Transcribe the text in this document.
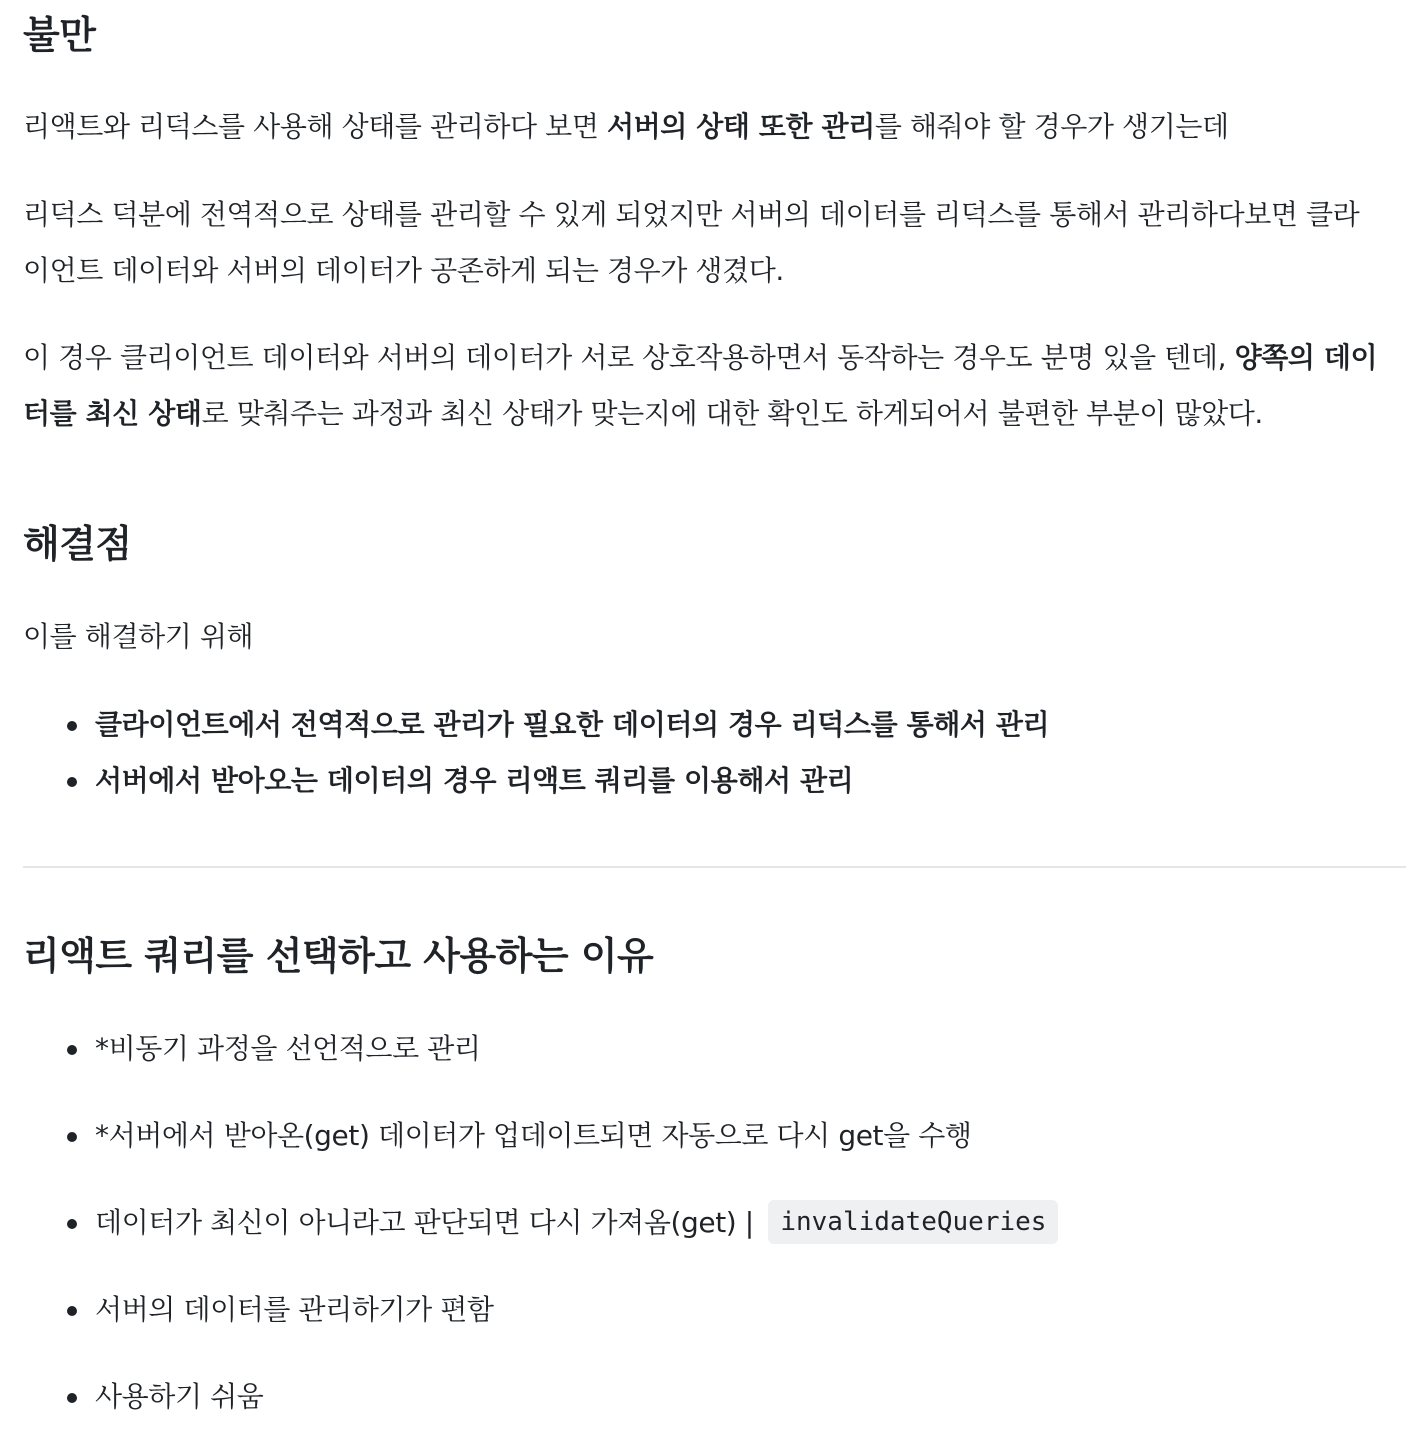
불만

리액트와 리덕스를 사용해 상태를 관리하다 보면 서버의 상태 또한 관리를 해줘야 할 경우가 생기는데

리덕스 덕분에 전역적으로 상태를 관리할 수 있게 되었지만 서버의 데이터를 리덕스를 통해서 관리하다보면 클라이언트 데이터와 서버의 데이터가 공존하게 되는 경우가 생겼다.

이 경우 클리이언트 데이터와 서버의 데이터가 서로 상호작용하면서 동작하는 경우도 분명 있을 텐데, 양쪽의 데이터를 최신 상태로 맞춰주는 과정과 최신 상태가 맞는지에 대한 확인도 하게되어서 불편한 부분이 많았다.

해결점

이를 해결하기 위해

클라이언트에서 전역적으로 관리가 필요한 데이터의 경우 리덕스를 통해서 관리
서버에서 받아오는 데이터의 경우 리액트 쿼리를 이용해서 관리
리액트 쿼리를 선택하고 사용하는 이유
*비동기 과정을 선언적으로 관리
*서버에서 받아온(get) 데이터가 업데이트되면 자동으로 다시 get을 수행
데이터가 최신이 아니라고 판단되면 다시 가져옴(get) | invalidateQueries
서버의 데이터를 관리하기가 편함
사용하기 쉬움
